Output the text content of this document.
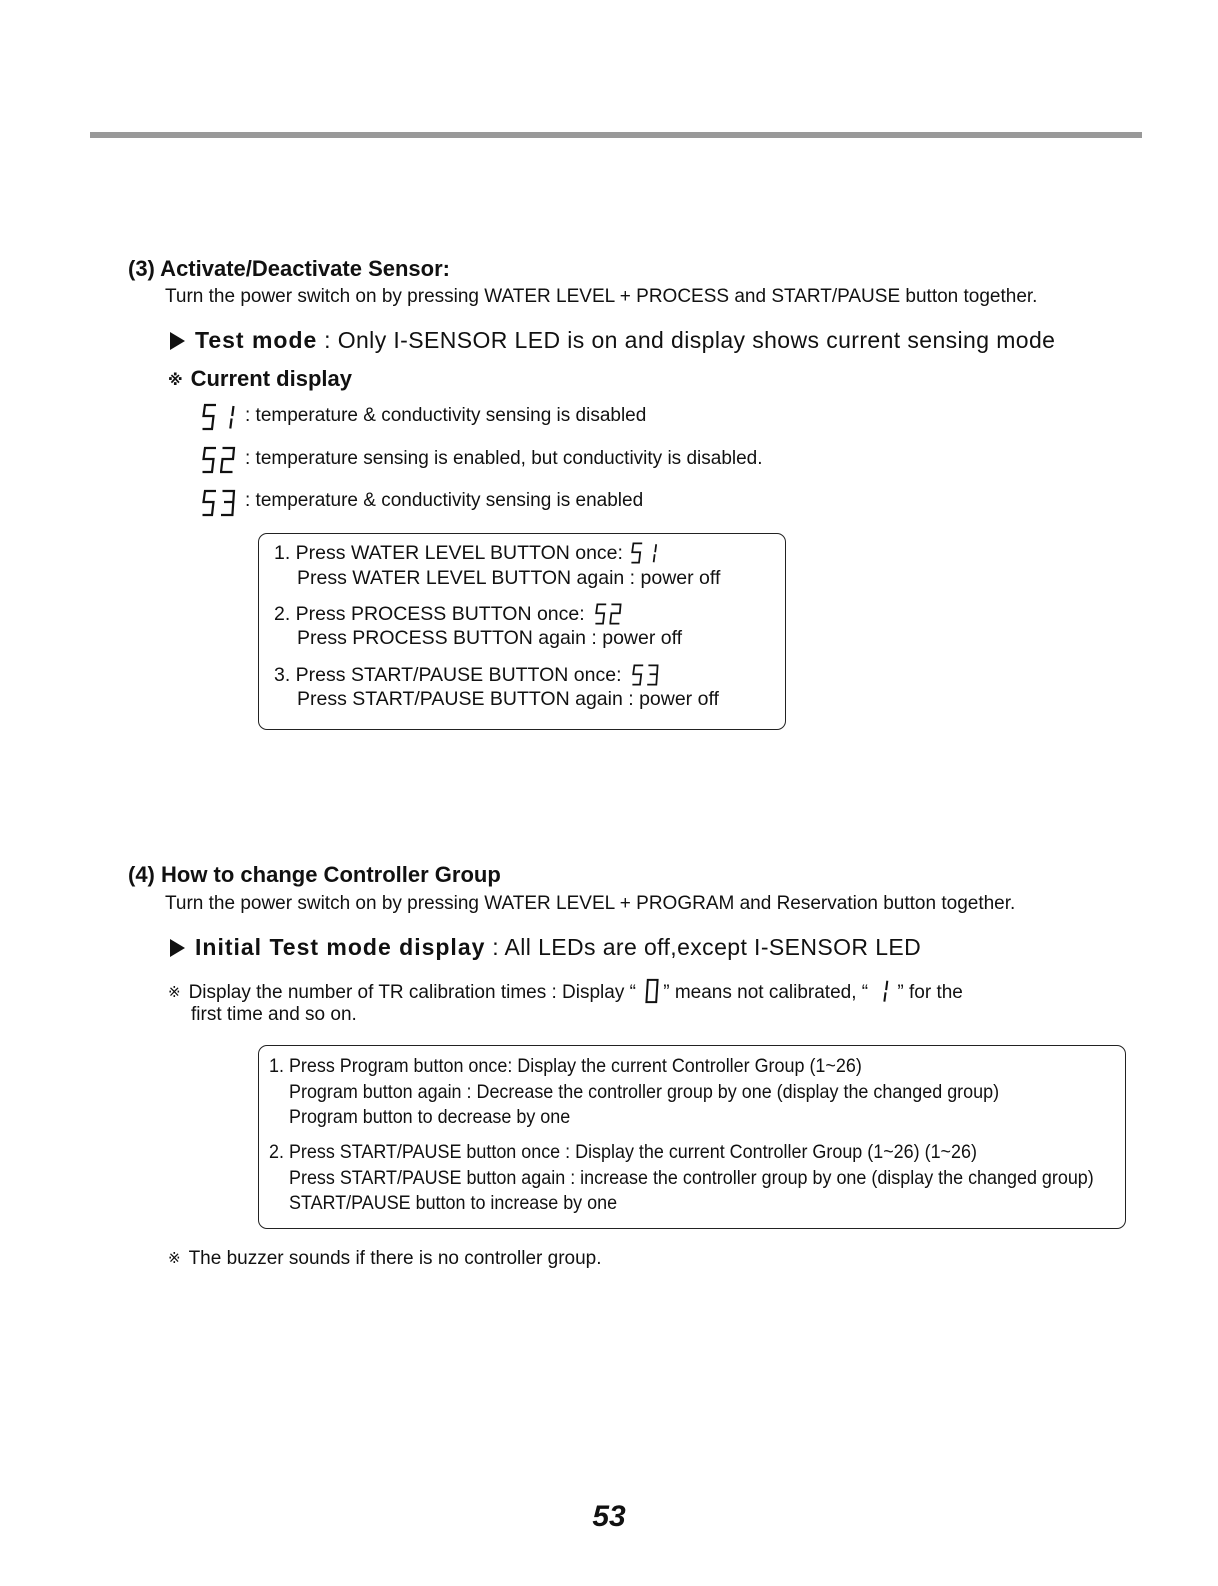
(3) Activate/Deactivate Sensor:
Turn the power switch on by pressing WATER LEVEL + PROCESS and START/PAUSE button together.
Test mode : Only I-SENSOR LED is on and display shows current sensing mode
※ Current display
: temperature & conductivity sensing is disabled
: temperature sensing is enabled, but conductivity is disabled.
: temperature & conductivity sensing is enabled
1. Press WATER LEVEL BUTTON once:
Press WATER LEVEL BUTTON again : power off
2. Press PROCESS BUTTON once:
Press PROCESS BUTTON again : power off
3. Press START/PAUSE BUTTON once:
Press START/PAUSE BUTTON again : power off
(4) How to change Controller Group
Turn the power switch on by pressing WATER LEVEL + PROGRAM and Reservation button together.
Initial Test mode display : All LEDs are off,except I-SENSOR LED
※ Display the number of TR calibration times : Display “ ” means not calibrated, “ ” for the
first time and so on.
1. Press Program button once: Display the current Controller Group (1~26)
Program button again : Decrease the controller group by one (display the changed group)
Program button to decrease by one
2. Press START/PAUSE button once : Display the current Controller Group (1~26) (1~26)
Press START/PAUSE button again : increase the controller group by one (display the changed group)
START/PAUSE button to increase by one
※ The buzzer sounds if there is no controller group.
53
